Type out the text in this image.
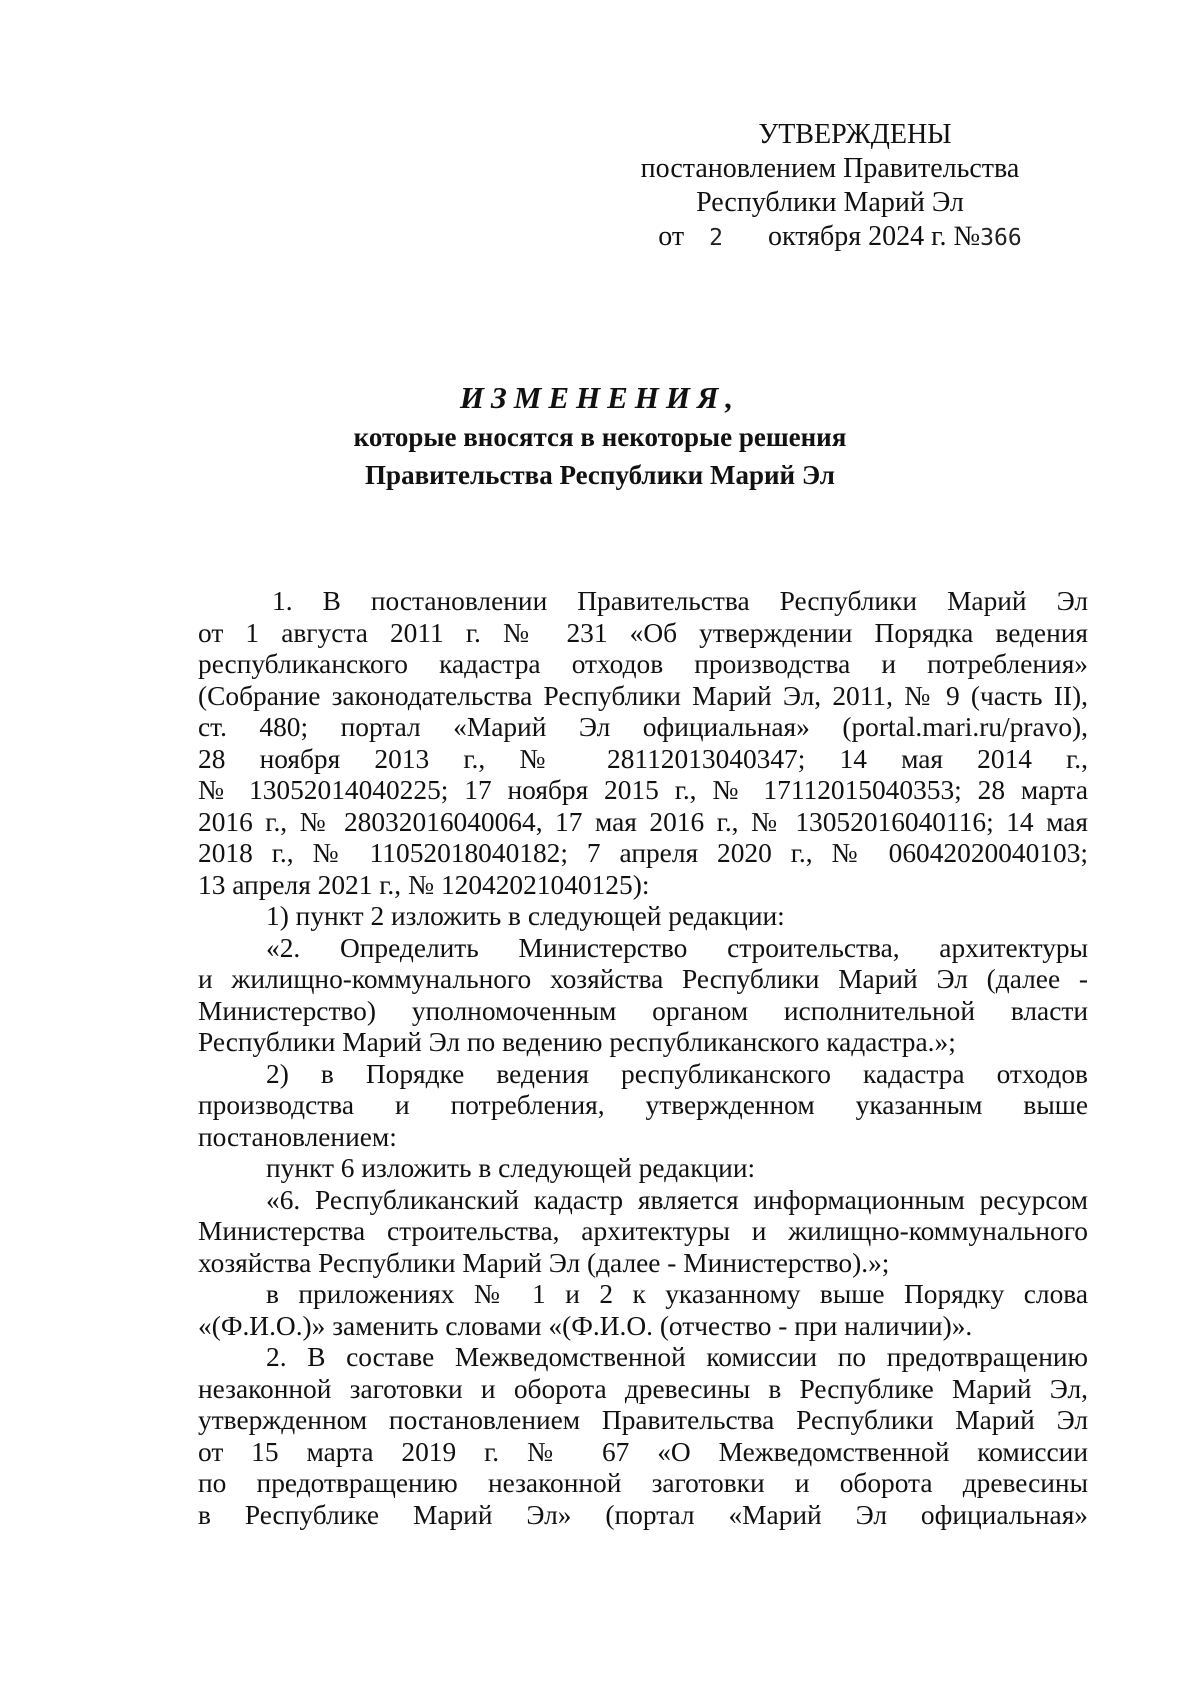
УТВЕРЖДЕНЫ
постановлением Правительства
Республики Марий Эл
от 2 октября 2024 г. №366
ИЗМЕНЕНИЯ,
которые вносятся в некоторые решения
Правительства Республики Марий Эл
1. В постановлении Правительства Республики Марий Эл
от 1 августа 2011 г. № 231 «Об утверждении Порядка ведения
республиканского кадастра отходов производства и потребления»
(Собрание законодательства Республики Марий Эл, 2011, № 9 (часть II),
ст. 480; портал «Марий Эл официальная» (portal.mari.ru/pravo),
28 ноября 2013 г., № 28112013040347; 14 мая 2014 г.,
№ 13052014040225; 17 ноября 2015 г., № 17112015040353; 28 марта
2016 г., № 28032016040064, 17 мая 2016 г., № 13052016040116; 14 мая
2018 г., № 11052018040182; 7 апреля 2020 г., № 06042020040103;
13 апреля 2021 г., № 12042021040125):
1) пункт 2 изложить в следующей редакции:
«2. Определить Министерство строительства, архитектуры
и жилищно-коммунального хозяйства Республики Марий Эл (далее -
Министерство) уполномоченным органом исполнительной власти
Республики Марий Эл по ведению республиканского кадастра.»;
2) в Порядке ведения республиканского кадастра отходов
производства и потребления, утвержденном указанным выше
постановлением:
пункт 6 изложить в следующей редакции:
«6. Республиканский кадастр является информационным ресурсом
Министерства строительства, архитектуры и жилищно-коммунального
хозяйства Республики Марий Эл (далее - Министерство).»;
в приложениях № 1 и 2 к указанному выше Порядку слова
«(Ф.И.О.)» заменить словами «(Ф.И.О. (отчество - при наличии)».
2. В составе Межведомственной комиссии по предотвращению
незаконной заготовки и оборота древесины в Республике Марий Эл,
утвержденном постановлением Правительства Республики Марий Эл
от 15 марта 2019 г. № 67 «О Межведомственной комиссии
по предотвращению незаконной заготовки и оборота древесины
в Республике Марий Эл» (портал «Марий Эл официальная»
